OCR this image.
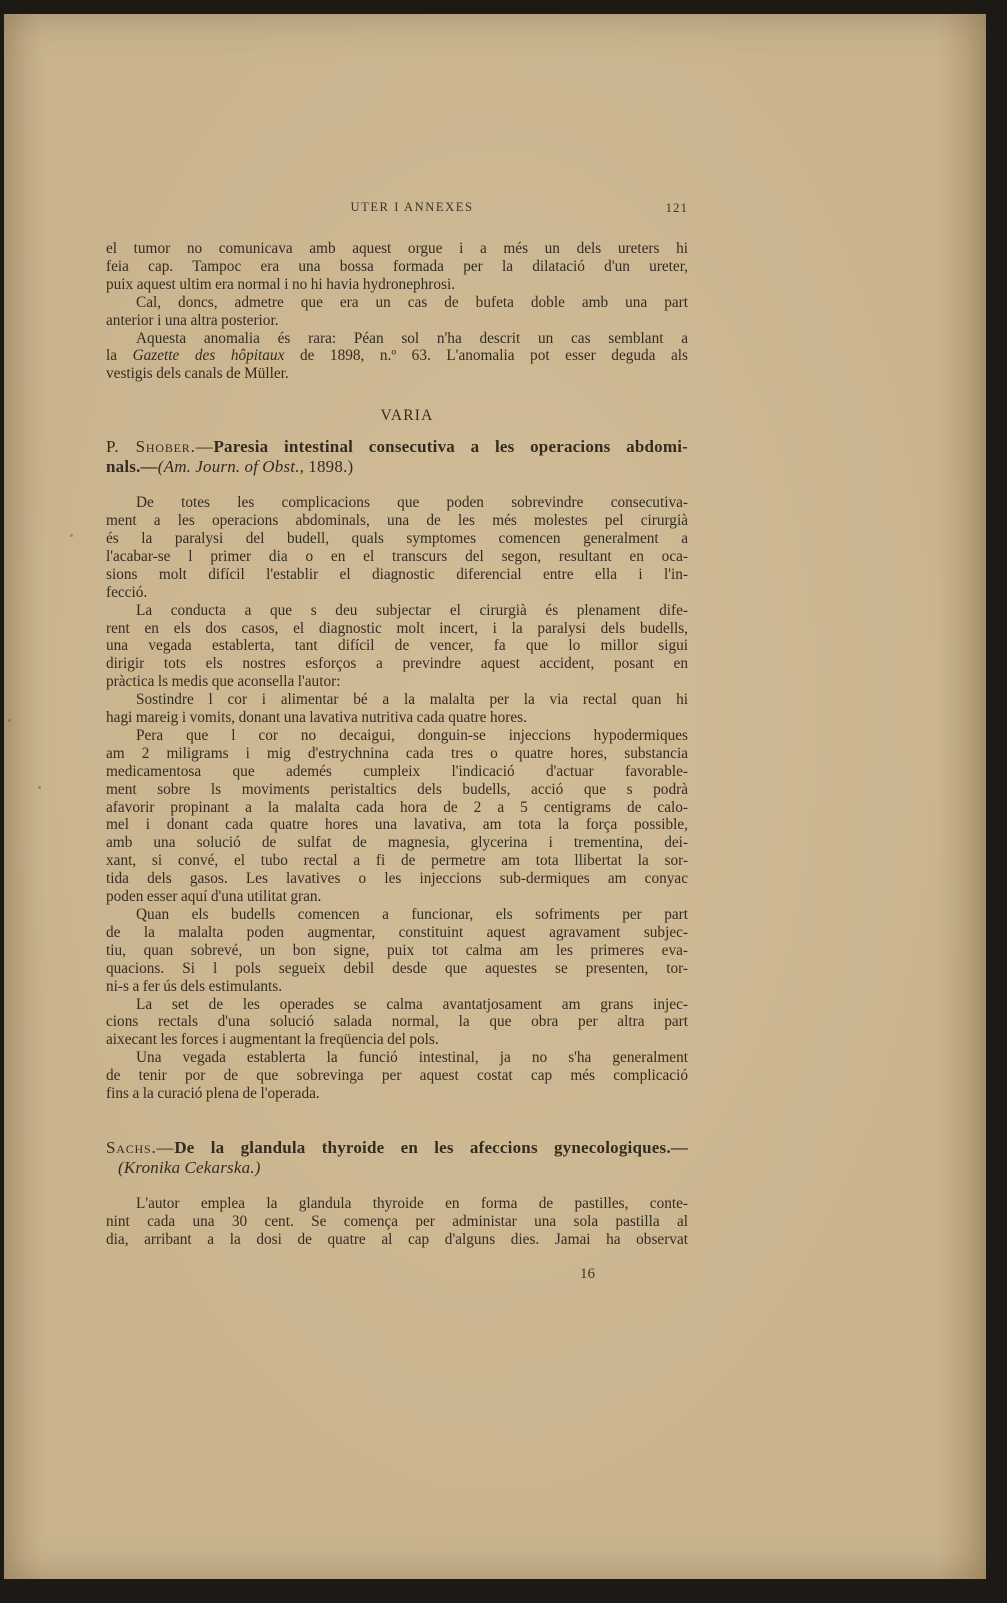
UTER I ANNEXES	121
el tumor no comunicava amb aquest orgue i a més un dels ureters hi
feia cap. Tampoc era una bossa formada per la dilatació d'un ureter,
puix aquest ultim era normal i no hi havia hydronephrosi.
Cal, doncs, admetre que era un cas de bufeta doble amb una part
anterior i una altra posterior.
Aquesta anomalia és rara: Péan sol n'ha descrit un cas semblant a
la Gazette des hôpitaux de 1898, n.º 63. L'anomalia pot esser deguda als
vestigis dels canals de Müller.
VARIA
P. Shober.—Paresia intestinal consecutiva a les operacions abdomi-
nals.—(Am. Journ. of Obst., 1898.)
De totes les complicacions que poden sobrevindre consecutiva-
ment a les operacions abdominals, una de les més molestes pel cirurgià
és la paralysi del budell, quals symptomes comencen generalment a
l'acabar-se l primer dia o en el transcurs del segon, resultant en oca-
sions molt difícil l'establir el diagnostic diferencial entre ella i l'in-
fecció.
La conducta a que s deu subjectar el cirurgià és plenament dife-
rent en els dos casos, el diagnostic molt incert, i la paralysi dels budells,
una vegada establerta, tant difícil de vencer, fa que lo millor sigui
dirigir tots els nostres esforços a previndre aquest accident, posant en
pràctica ls medis que aconsella l'autor:
Sostindre l cor i alimentar bé a la malalta per la via rectal quan hi
hagi mareig i vomits, donant una lavativa nutritiva cada quatre hores.
Pera que l cor no decaigui, donguin-se injeccions hypodermiques
am 2 miligrams i mig d'estrychnina cada tres o quatre hores, substancia
medicamentosa que ademés cumpleix l'indicació d'actuar favorable-
ment sobre ls moviments peristaltics dels budells, acció que s podrà
afavorir propinant a la malalta cada hora de 2 a 5 centigrams de calo-
mel i donant cada quatre hores una lavativa, am tota la força possible,
amb una solució de sulfat de magnesia, glycerina i trementina, dei-
xant, si convé, el tubo rectal a fi de permetre am tota llibertat la sor-
tida dels gasos. Les lavatives o les injeccions sub-dermiques am conyac
poden esser aquí d'una utilitat gran.
Quan els budells comencen a funcionar, els sofriments per part
de la malalta poden augmentar, constituint aquest agravament subjec-
tiu, quan sobrevé, un bon signe, puix tot calma am les primeres eva-
quacions. Si l pols segueix debil desde que aquestes se presenten, tor-
ni-s a fer ús dels estimulants.
La set de les operades se calma avantatjosament am grans injec-
cions rectals d'una solució salada normal, la que obra per altra part
aixecant les forces i augmentant la freqüencia del pols.
Una vegada establerta la funció intestinal, ja no s'ha generalment
de tenir por de que sobrevinga per aquest costat cap més complicació
fins a la curació plena de l'operada.
Sachs.—De la glandula thyroide en les afeccions gynecologiques.—
(Kronika Cekarska.)
L'autor emplea la glandula thyroide en forma de pastilles, conte-
nint cada una 30 cent. Se comença per administar una sola pastilla al
dia, arribant a la dosi de quatre al cap d'alguns dies. Jamai ha observat
16
